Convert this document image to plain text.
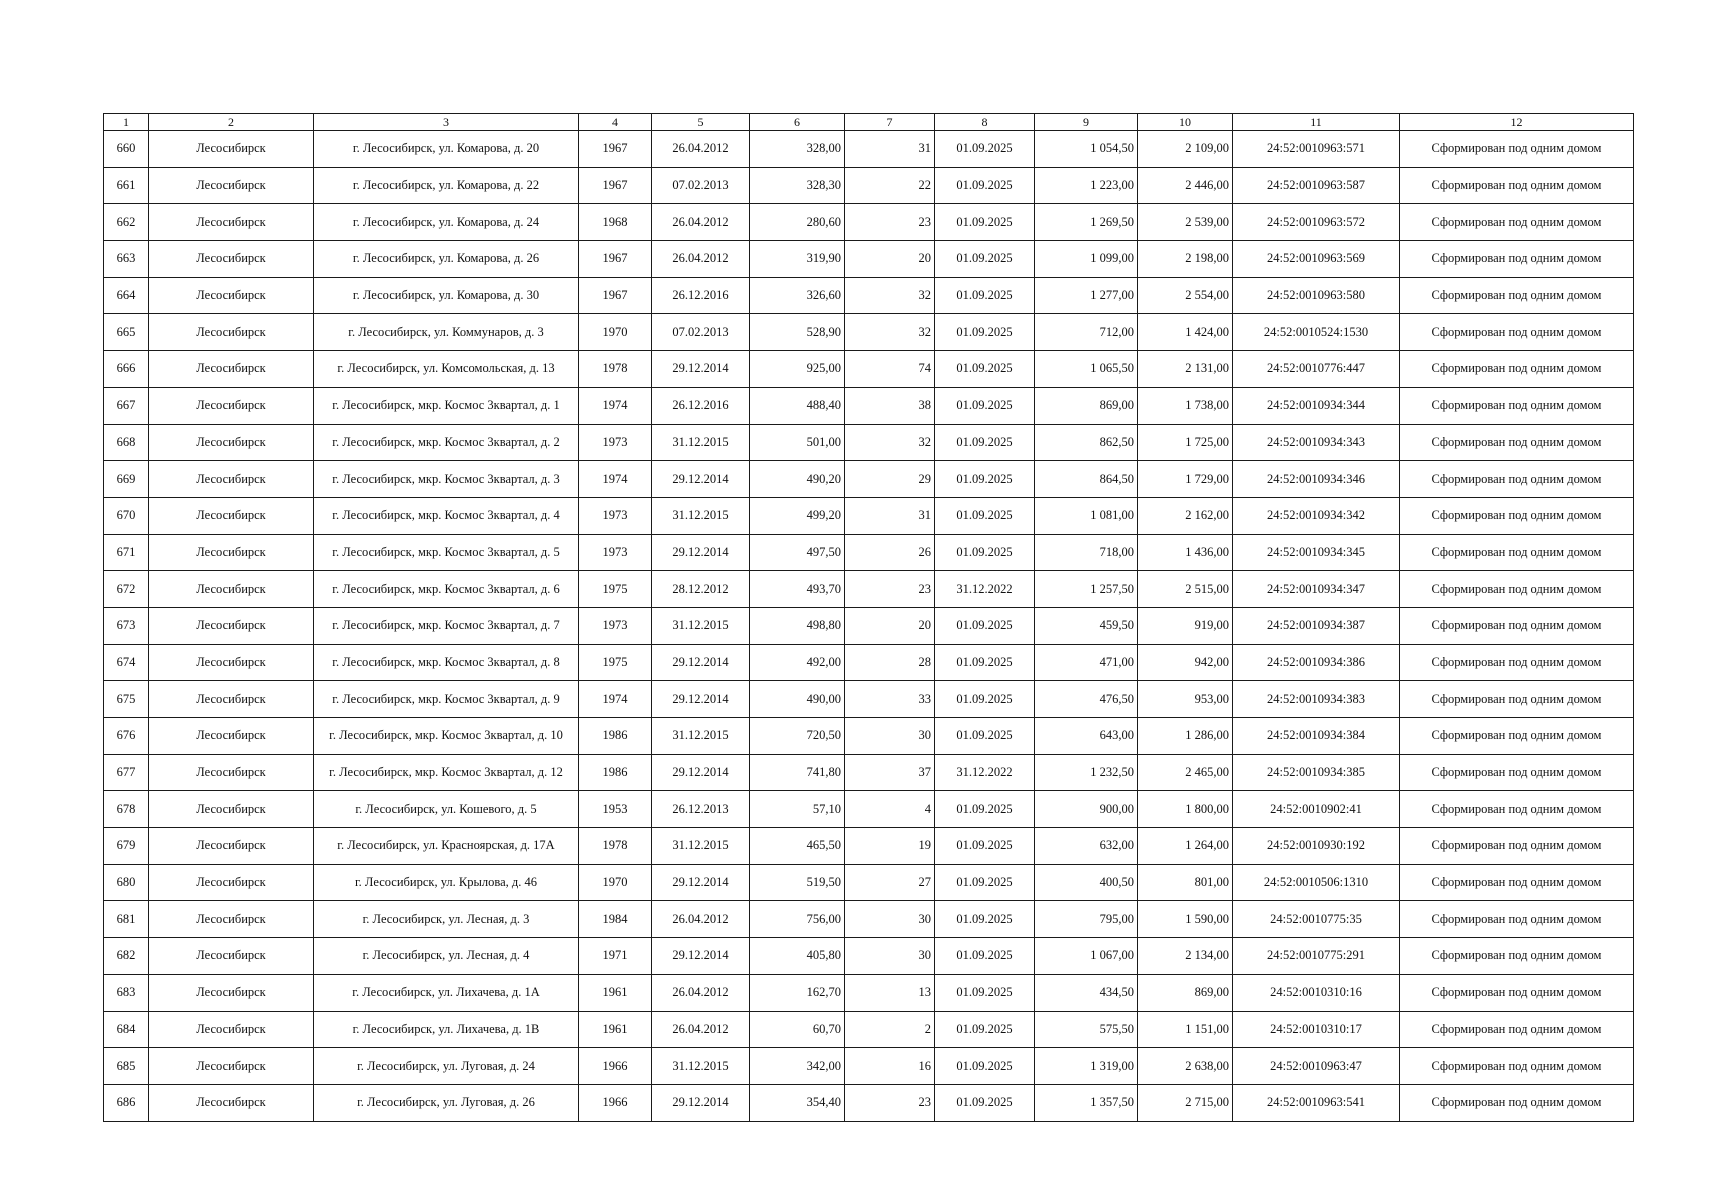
1	2	3	4	5	6	7	8	9	10	11	12
660	Лесосибирск	г. Лесосибирск, ул. Комарова, д. 20	1967	26.04.2012	328,00	31	01.09.2025	1 054,50	2 109,00	24:52:0010963:571	Сформирован под одним домом
661	Лесосибирск	г. Лесосибирск, ул. Комарова, д. 22	1967	07.02.2013	328,30	22	01.09.2025	1 223,00	2 446,00	24:52:0010963:587	Сформирован под одним домом
662	Лесосибирск	г. Лесосибирск, ул. Комарова, д. 24	1968	26.04.2012	280,60	23	01.09.2025	1 269,50	2 539,00	24:52:0010963:572	Сформирован под одним домом
663	Лесосибирск	г. Лесосибирск, ул. Комарова, д. 26	1967	26.04.2012	319,90	20	01.09.2025	1 099,00	2 198,00	24:52:0010963:569	Сформирован под одним домом
664	Лесосибирск	г. Лесосибирск, ул. Комарова, д. 30	1967	26.12.2016	326,60	32	01.09.2025	1 277,00	2 554,00	24:52:0010963:580	Сформирован под одним домом
665	Лесосибирск	г. Лесосибирск, ул. Коммунаров, д. 3	1970	07.02.2013	528,90	32	01.09.2025	712,00	1 424,00	24:52:0010524:1530	Сформирован под одним домом
666	Лесосибирск	г. Лесосибирск, ул. Комсомольская, д. 13	1978	29.12.2014	925,00	74	01.09.2025	1 065,50	2 131,00	24:52:0010776:447	Сформирован под одним домом
667	Лесосибирск	г. Лесосибирск, мкр. Космос 3квартал, д. 1	1974	26.12.2016	488,40	38	01.09.2025	869,00	1 738,00	24:52:0010934:344	Сформирован под одним домом
668	Лесосибирск	г. Лесосибирск, мкр. Космос 3квартал, д. 2	1973	31.12.2015	501,00	32	01.09.2025	862,50	1 725,00	24:52:0010934:343	Сформирован под одним домом
669	Лесосибирск	г. Лесосибирск, мкр. Космос 3квартал, д. 3	1974	29.12.2014	490,20	29	01.09.2025	864,50	1 729,00	24:52:0010934:346	Сформирован под одним домом
670	Лесосибирск	г. Лесосибирск, мкр. Космос 3квартал, д. 4	1973	31.12.2015	499,20	31	01.09.2025	1 081,00	2 162,00	24:52:0010934:342	Сформирован под одним домом
671	Лесосибирск	г. Лесосибирск, мкр. Космос 3квартал, д. 5	1973	29.12.2014	497,50	26	01.09.2025	718,00	1 436,00	24:52:0010934:345	Сформирован под одним домом
672	Лесосибирск	г. Лесосибирск, мкр. Космос 3квартал, д. 6	1975	28.12.2012	493,70	23	31.12.2022	1 257,50	2 515,00	24:52:0010934:347	Сформирован под одним домом
673	Лесосибирск	г. Лесосибирск, мкр. Космос 3квартал, д. 7	1973	31.12.2015	498,80	20	01.09.2025	459,50	919,00	24:52:0010934:387	Сформирован под одним домом
674	Лесосибирск	г. Лесосибирск, мкр. Космос 3квартал, д. 8	1975	29.12.2014	492,00	28	01.09.2025	471,00	942,00	24:52:0010934:386	Сформирован под одним домом
675	Лесосибирск	г. Лесосибирск, мкр. Космос 3квартал, д. 9	1974	29.12.2014	490,00	33	01.09.2025	476,50	953,00	24:52:0010934:383	Сформирован под одним домом
676	Лесосибирск	г. Лесосибирск, мкр. Космос 3квартал, д. 10	1986	31.12.2015	720,50	30	01.09.2025	643,00	1 286,00	24:52:0010934:384	Сформирован под одним домом
677	Лесосибирск	г. Лесосибирск, мкр. Космос 3квартал, д. 12	1986	29.12.2014	741,80	37	31.12.2022	1 232,50	2 465,00	24:52:0010934:385	Сформирован под одним домом
678	Лесосибирск	г. Лесосибирск, ул. Кошевого, д. 5	1953	26.12.2013	57,10	4	01.09.2025	900,00	1 800,00	24:52:0010902:41	Сформирован под одним домом
679	Лесосибирск	г. Лесосибирск, ул. Красноярская, д. 17А	1978	31.12.2015	465,50	19	01.09.2025	632,00	1 264,00	24:52:0010930:192	Сформирован под одним домом
680	Лесосибирск	г. Лесосибирск, ул. Крылова, д. 46	1970	29.12.2014	519,50	27	01.09.2025	400,50	801,00	24:52:0010506:1310	Сформирован под одним домом
681	Лесосибирск	г. Лесосибирск, ул. Лесная, д. 3	1984	26.04.2012	756,00	30	01.09.2025	795,00	1 590,00	24:52:0010775:35	Сформирован под одним домом
682	Лесосибирск	г. Лесосибирск, ул. Лесная, д. 4	1971	29.12.2014	405,80	30	01.09.2025	1 067,00	2 134,00	24:52:0010775:291	Сформирован под одним домом
683	Лесосибирск	г. Лесосибирск, ул. Лихачева, д. 1А	1961	26.04.2012	162,70	13	01.09.2025	434,50	869,00	24:52:0010310:16	Сформирован под одним домом
684	Лесосибирск	г. Лесосибирск, ул. Лихачева, д. 1В	1961	26.04.2012	60,70	2	01.09.2025	575,50	1 151,00	24:52:0010310:17	Сформирован под одним домом
685	Лесосибирск	г. Лесосибирск, ул. Луговая, д. 24	1966	31.12.2015	342,00	16	01.09.2025	1 319,00	2 638,00	24:52:0010963:47	Сформирован под одним домом
686	Лесосибирск	г. Лесосибирск, ул. Луговая, д. 26	1966	29.12.2014	354,40	23	01.09.2025	1 357,50	2 715,00	24:52:0010963:541	Сформирован под одним домом
